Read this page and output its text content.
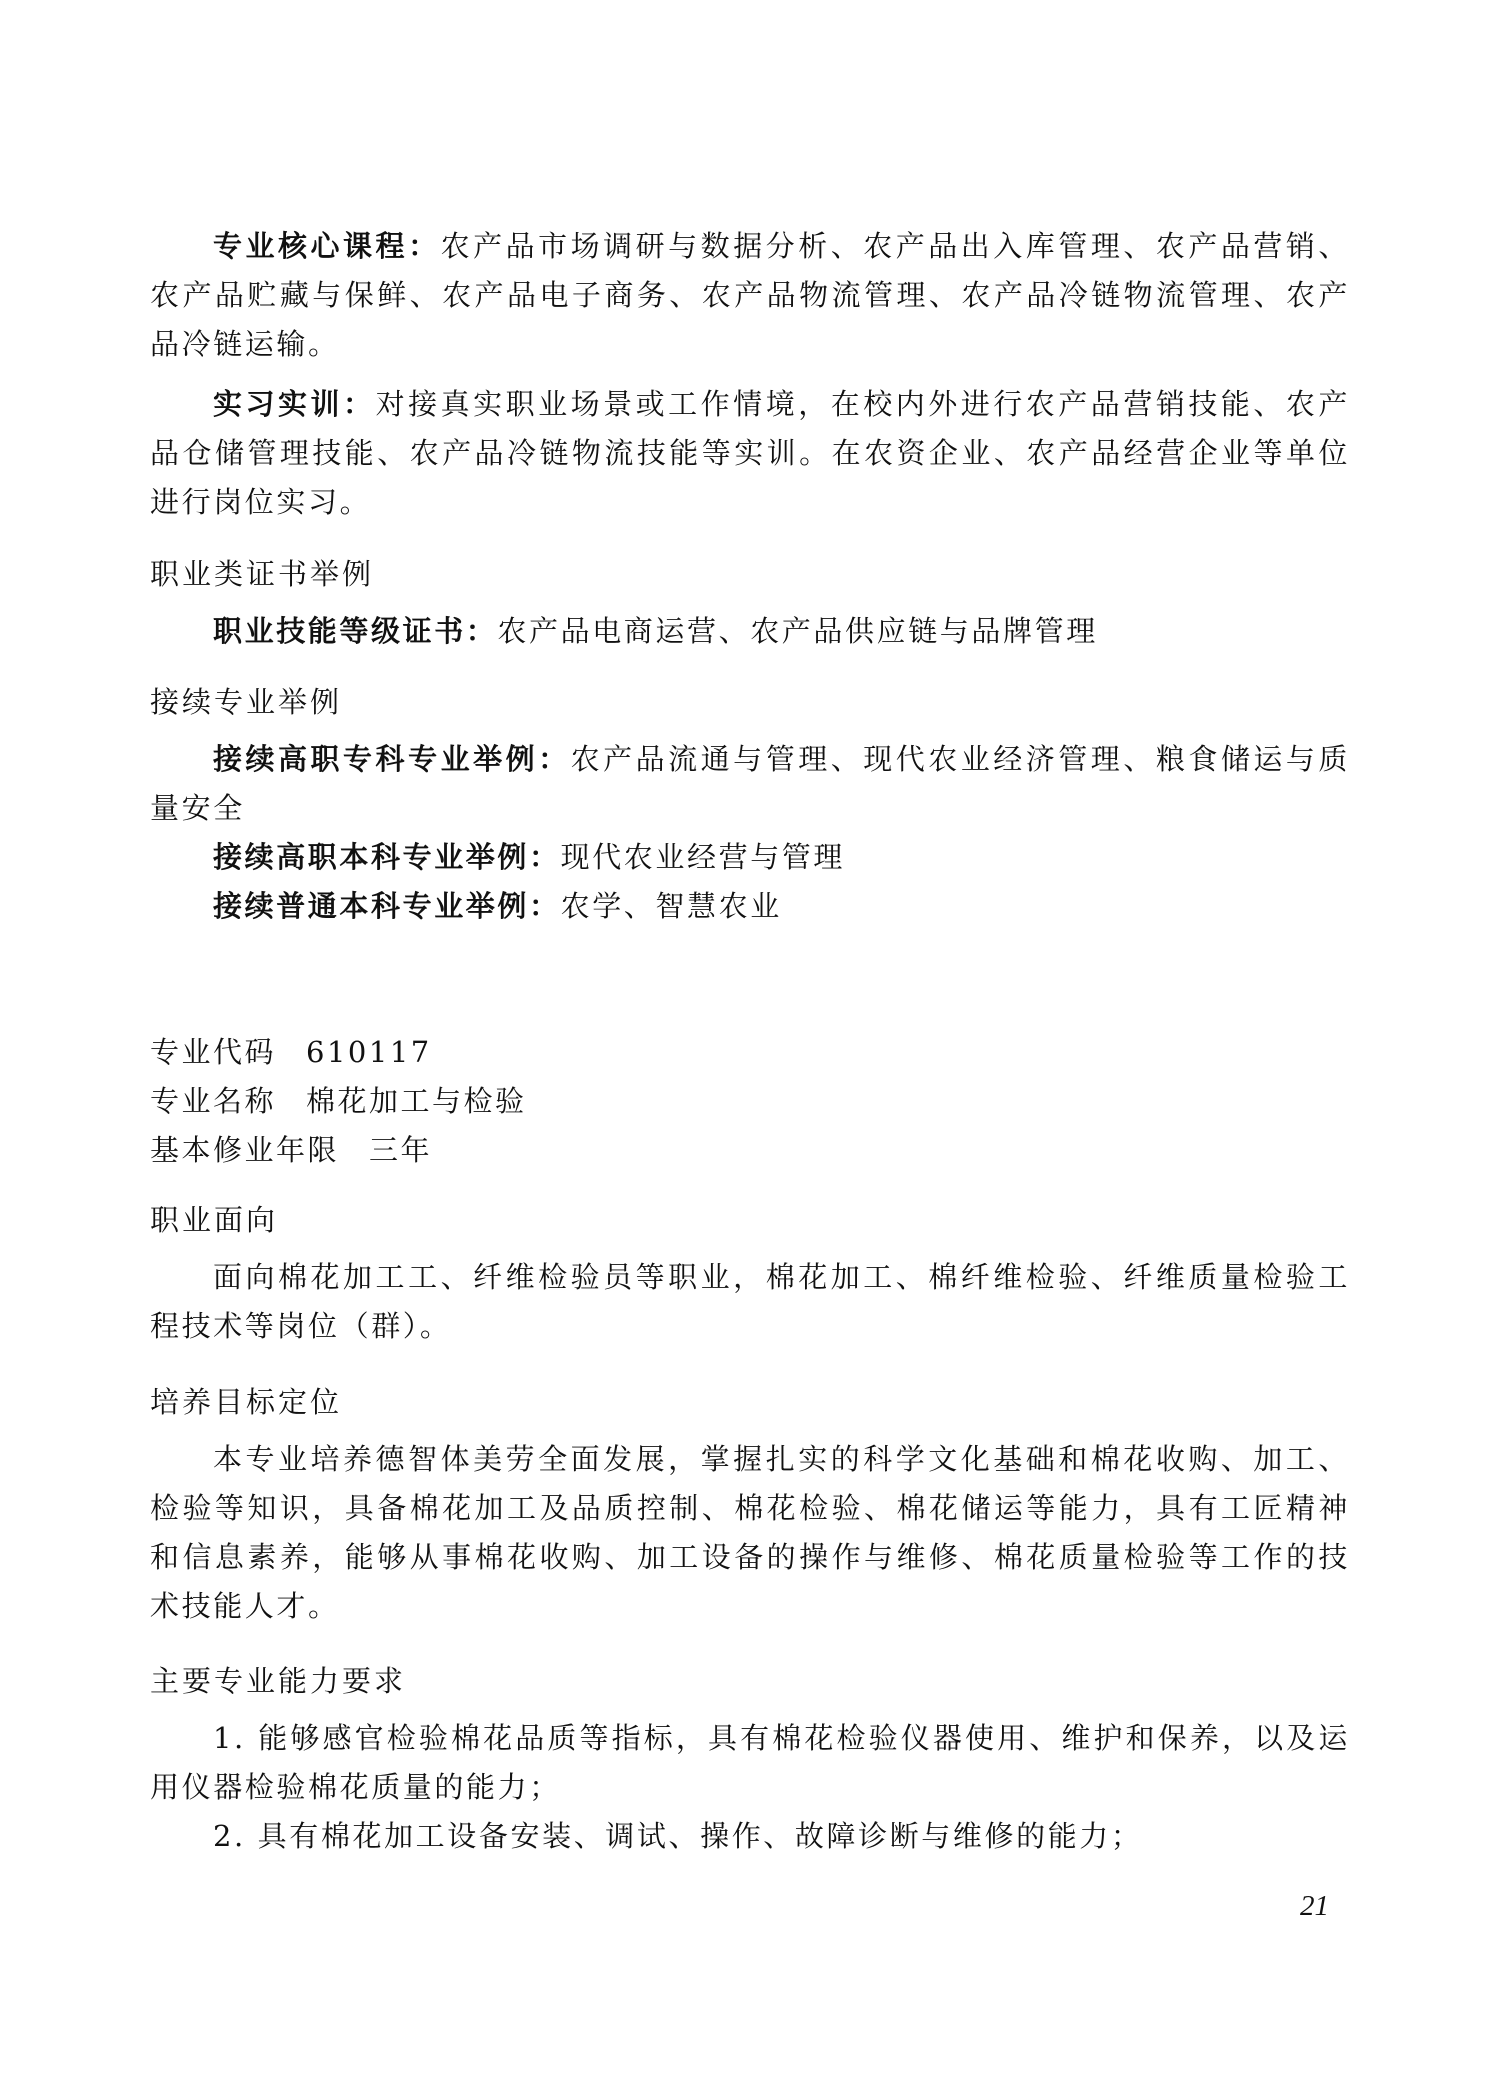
专业核心课程：农产品市场调研与数据分析、农产品出入库管理、农产品营销、农产品贮藏与保鲜、农产品电子商务、农产品物流管理、农产品冷链物流管理、农产品冷链运输。

实习实训：对接真实职业场景或工作情境，在校内外进行农产品营销技能、农产品仓储管理技能、农产品冷链物流技能等实训。在农资企业、农产品经营企业等单位进行岗位实习。

职业类证书举例

职业技能等级证书：农产品电商运营、农产品供应链与品牌管理

接续专业举例

接续高职专科专业举例：农产品流通与管理、现代农业经济管理、粮食储运与质量安全

接续高职本科专业举例：现代农业经营与管理

接续普通本科专业举例：农学、智慧农业

专业代码 610117

专业名称 棉花加工与检验

基本修业年限 三年

职业面向

面向棉花加工工、纤维检验员等职业，棉花加工、棉纤维检验、纤维质量检验工程技术等岗位（群）。

培养目标定位

本专业培养德智体美劳全面发展，掌握扎实的科学文化基础和棉花收购、加工、检验等知识，具备棉花加工及品质控制、棉花检验、棉花储运等能力，具有工匠精神和信息素养，能够从事棉花收购、加工设备的操作与维修、棉花质量检验等工作的技术技能人才。

主要专业能力要求

1. 能够感官检验棉花品质等指标，具有棉花检验仪器使用、维护和保养，以及运用仪器检验棉花质量的能力；

2. 具有棉花加工设备安装、调试、操作、故障诊断与维修的能力；

21
